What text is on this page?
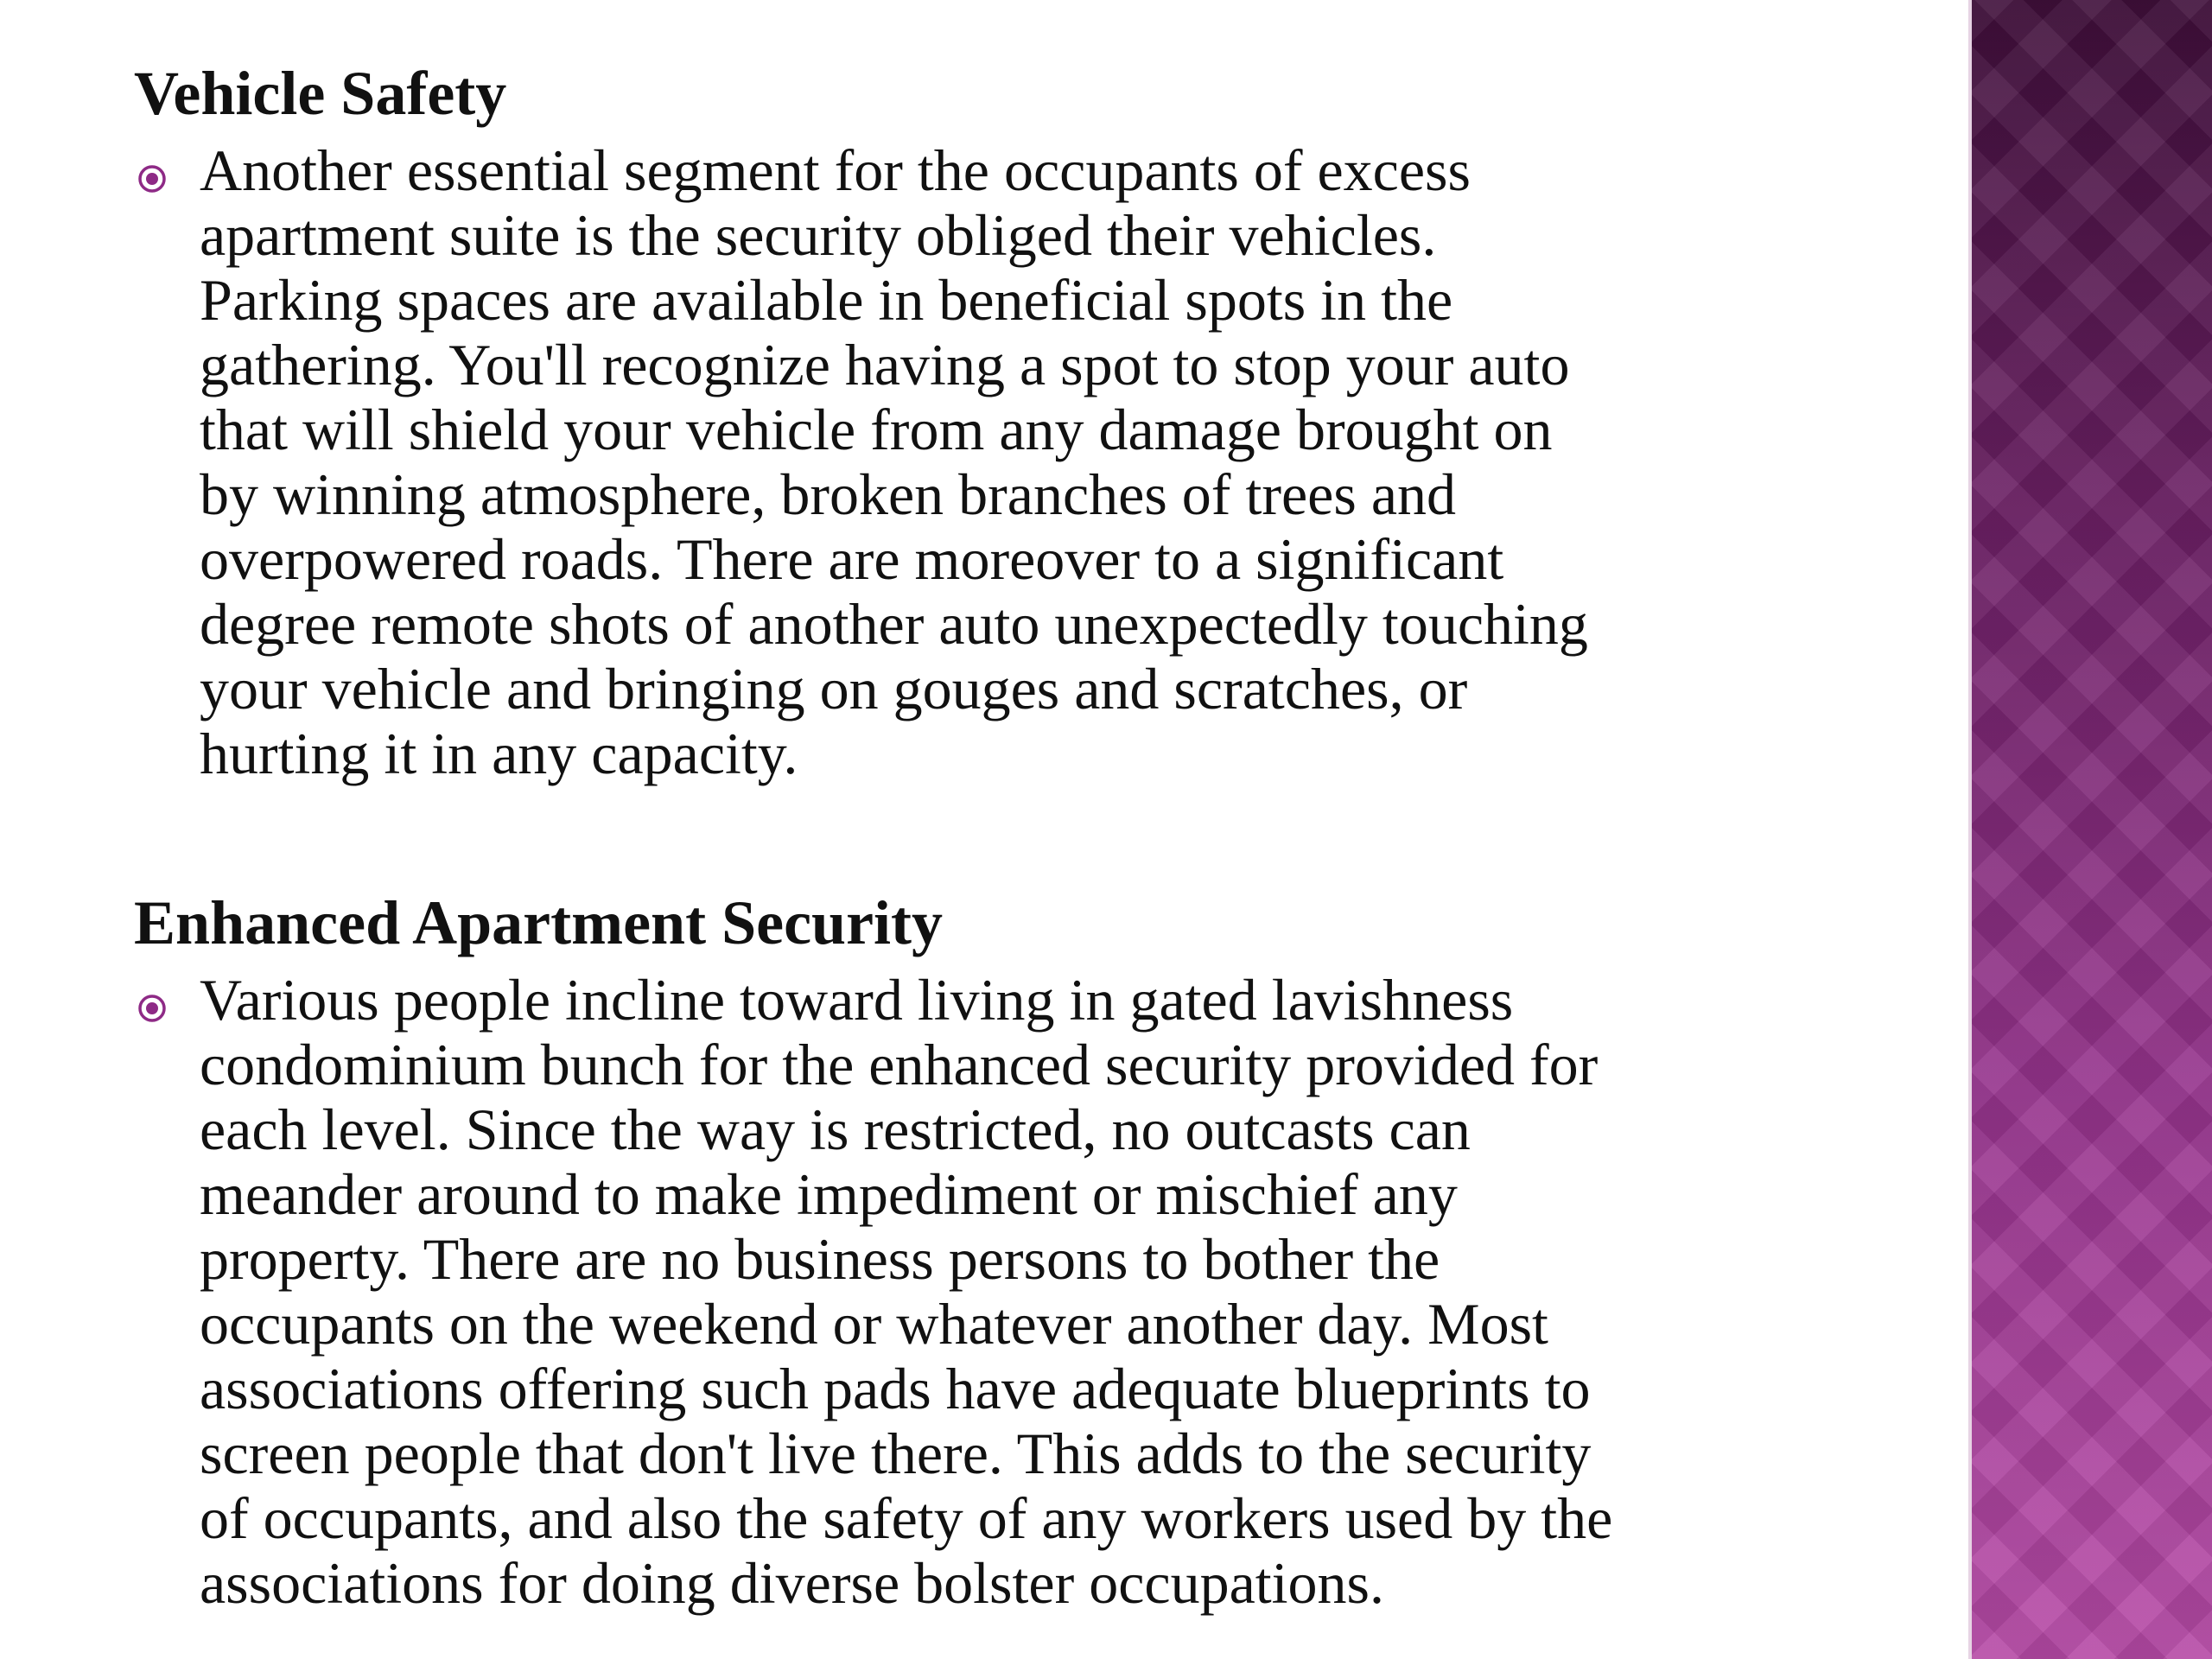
Vehicle Safety
Another essential segment for the occupants of excess
apartment suite is the security obliged their vehicles.
Parking spaces are available in beneficial spots in the
gathering. You'll recognize having a spot to stop your auto
that will shield your vehicle from any damage brought on
by winning atmosphere, broken branches of trees and
overpowered roads. There are moreover to a significant
degree remote shots of another auto unexpectedly touching
your vehicle and bringing on gouges and scratches, or
hurting it in any capacity.
Enhanced Apartment Security
Various people incline toward living in gated lavishness
condominium bunch for the enhanced security provided for
each level. Since the way is restricted, no outcasts can
meander around to make impediment or mischief any
property. There are no business persons to bother the
occupants on the weekend or whatever another day. Most
associations offering such pads have adequate blueprints to
screen people that don't live there. This adds to the security
of occupants, and also the safety of any workers used by the
associations for doing diverse bolster occupations.
